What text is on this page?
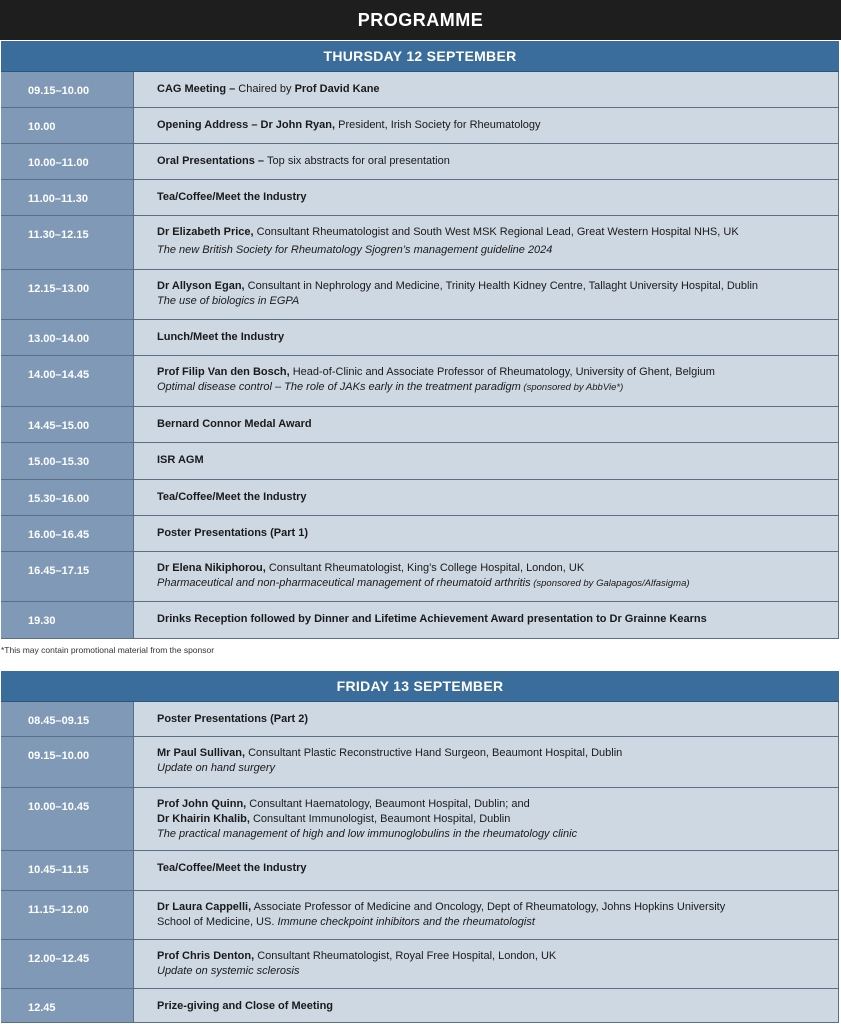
PROGRAMME
THURSDAY 12 SEPTEMBER
09.15–10.00	CAG Meeting – Chaired by Prof David Kane
10.00	Opening Address – Dr John Ryan, President, Irish Society for Rheumatology
10.00–11.00	Oral Presentations – Top six abstracts for oral presentation
11.00–11.30	Tea/Coffee/Meet the Industry
11.30–12.15	Dr Elizabeth Price, Consultant Rheumatologist and South West MSK Regional Lead, Great Western Hospital NHS, UK
The new British Society for Rheumatology Sjogren’s management guideline 2024
12.15–13.00	Dr Allyson Egan, Consultant in Nephrology and Medicine, Trinity Health Kidney Centre, Tallaght University Hospital, Dublin
The use of biologics in EGPA
13.00–14.00	Lunch/Meet the Industry
14.00–14.45	Prof Filip Van den Bosch, Head-of-Clinic and Associate Professor of Rheumatology, University of Ghent, Belgium
Optimal disease control – The role of JAKs early in the treatment paradigm (sponsored by AbbVie*)
14.45–15.00	Bernard Connor Medal Award
15.00–15.30	ISR AGM
15.30–16.00	Tea/Coffee/Meet the Industry
16.00–16.45	Poster Presentations (Part 1)
16.45–17.15	Dr Elena Nikiphorou, Consultant Rheumatologist, King’s College Hospital, London, UK
Pharmaceutical and non-pharmaceutical management of rheumatoid arthritis (sponsored by Galapagos/Alfasigma)
19.30	Drinks Reception followed by Dinner and Lifetime Achievement Award presentation to Dr Grainne Kearns
*This may contain promotional material from the sponsor
FRIDAY 13 SEPTEMBER
08.45–09.15	Poster Presentations (Part 2)
09.15–10.00	Mr Paul Sullivan, Consultant Plastic Reconstructive Hand Surgeon, Beaumont Hospital, Dublin
Update on hand surgery
10.00–10.45	Prof John Quinn, Consultant Haematology, Beaumont Hospital, Dublin; and
Dr Khairin Khalib, Consultant Immunologist, Beaumont Hospital, Dublin
The practical management of high and low immunoglobulins in the rheumatology clinic
10.45–11.15	Tea/Coffee/Meet the Industry
11.15–12.00	Dr Laura Cappelli, Associate Professor of Medicine and Oncology, Dept of Rheumatology, Johns Hopkins University
School of Medicine, US. Immune checkpoint inhibitors and the rheumatologist
12.00–12.45	Prof Chris Denton, Consultant Rheumatologist, Royal Free Hospital, London, UK
Update on systemic sclerosis
12.45	Prize-giving and Close of Meeting
